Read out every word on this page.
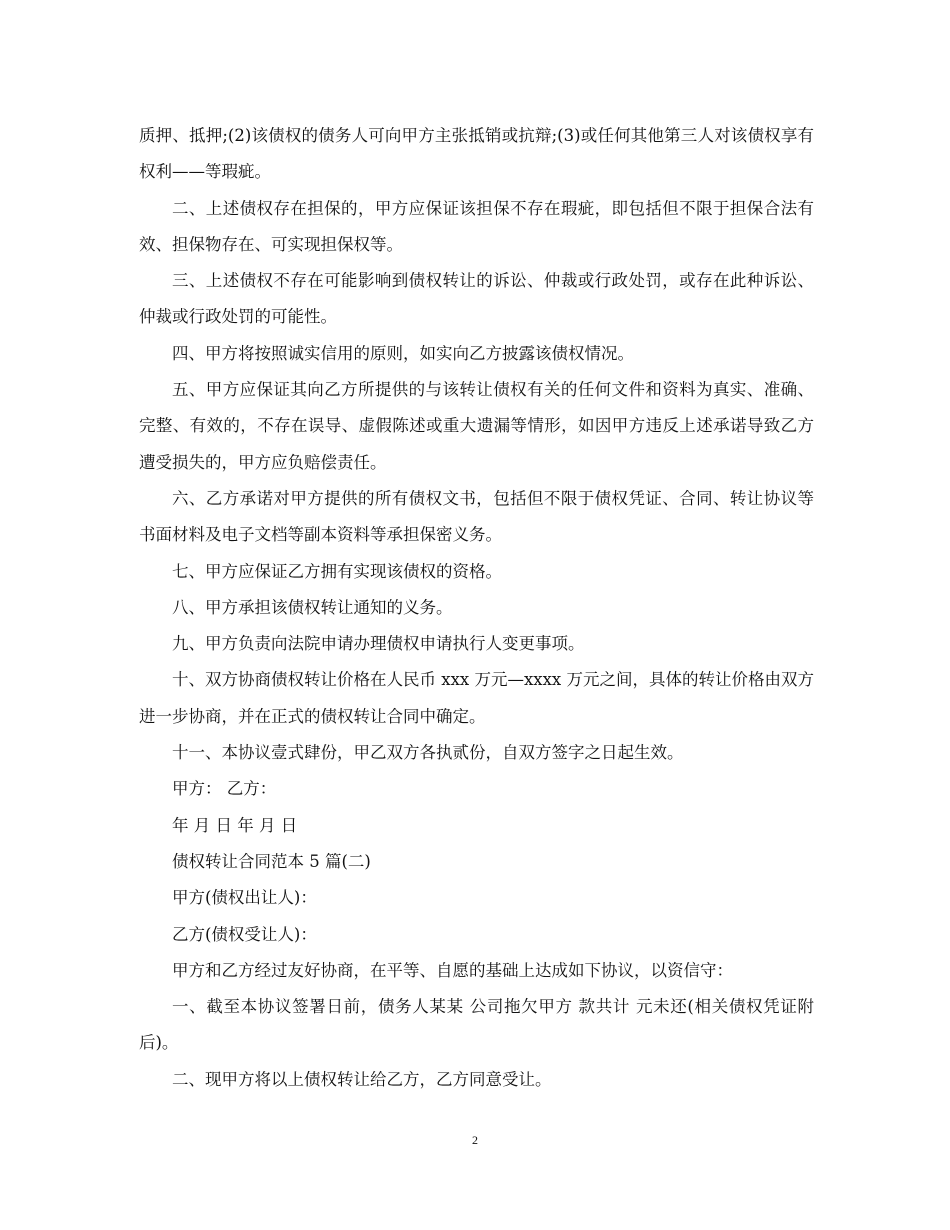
质押、抵押;(2)该债权的债务人可向甲方主张抵销或抗辩;(3)或任何其他第三人对该债权享有权利——等瑕疵。

二、上述债权存在担保的，甲方应保证该担保不存在瑕疵，即包括但不限于担保合法有效、担保物存在、可实现担保权等。

三、上述债权不存在可能影响到债权转让的诉讼、仲裁或行政处罚，或存在此种诉讼、仲裁或行政处罚的可能性。

四、甲方将按照诚实信用的原则，如实向乙方披露该债权情况。

五、甲方应保证其向乙方所提供的与该转让债权有关的任何文件和资料为真实、准确、完整、有效的，不存在误导、虚假陈述或重大遗漏等情形，如因甲方违反上述承诺导致乙方遭受损失的，甲方应负赔偿责任。

六、乙方承诺对甲方提供的所有债权文书，包括但不限于债权凭证、合同、转让协议等书面材料及电子文档等副本资料等承担保密义务。

七、甲方应保证乙方拥有实现该债权的资格。

八、甲方承担该债权转让通知的义务。

九、甲方负责向法院申请办理债权申请执行人变更事项。

十、双方协商债权转让价格在人民币 xxx 万元—xxxx 万元之间，具体的转让价格由双方进一步协商，并在正式的债权转让合同中确定。

十一、本协议壹式肆份，甲乙双方各执贰份，自双方签字之日起生效。

甲方： 乙方：

年 月 日 年 月 日

债权转让合同范本 5 篇(二)

甲方(债权出让人)：

乙方(债权受让人)：

甲方和乙方经过友好协商，在平等、自愿的基础上达成如下协议，以资信守：

一、截至本协议签署日前，债务人某某 公司拖欠甲方 款共计 元未还(相关债权凭证附后)。

二、现甲方将以上债权转让给乙方，乙方同意受让。

2
